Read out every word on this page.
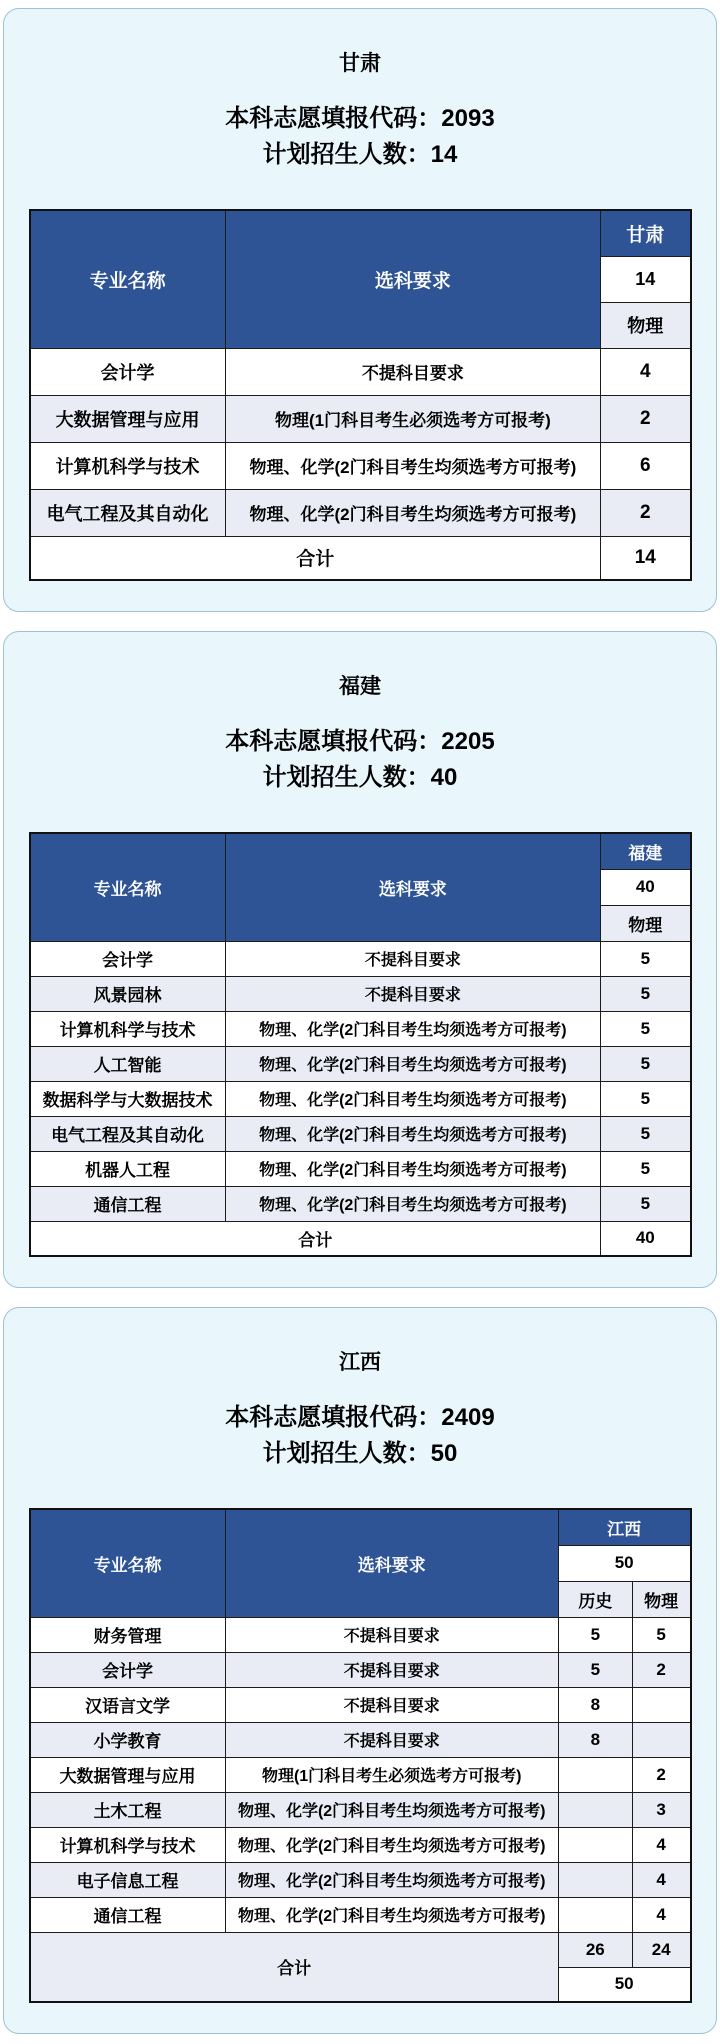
甘肃

本科志愿填报代码：2093

计划招生人数：14

专业名称	选科要求	甘肃
		14
		物理
会计学	不提科目要求	4
大数据管理与应用	物理(1门科目考生必须选考方可报考)	2
计算机科学与技术	物理、化学(2门科目考生均须选考方可报考)	6
电气工程及其自动化	物理、化学(2门科目考生均须选考方可报考)	2
合计		14
福建

本科志愿填报代码：2205

计划招生人数：40

专业名称	选科要求	福建
		40
		物理
会计学	不提科目要求	5
风景园林	不提科目要求	5
计算机科学与技术	物理、化学(2门科目考生均须选考方可报考)	5
人工智能	物理、化学(2门科目考生均须选考方可报考)	5
数据科学与大数据技术	物理、化学(2门科目考生均须选考方可报考)	5
电气工程及其自动化	物理、化学(2门科目考生均须选考方可报考)	5
机器人工程	物理、化学(2门科目考生均须选考方可报考)	5
通信工程	物理、化学(2门科目考生均须选考方可报考)	5
合计		40
江西

本科志愿填报代码：2409

计划招生人数：50

专业名称	选科要求	江西	
		50	
		历史	物理
财务管理	不提科目要求	5	5
会计学	不提科目要求	5	2
汉语言文学	不提科目要求	8	
小学教育	不提科目要求	8	
大数据管理与应用	物理(1门科目考生必须选考方可报考)		2
土木工程	物理、化学(2门科目考生均须选考方可报考)		3
计算机科学与技术	物理、化学(2门科目考生均须选考方可报考)		4
电子信息工程	物理、化学(2门科目考生均须选考方可报考)		4
通信工程	物理、化学(2门科目考生均须选考方可报考)		4
合计		26	24
		50	
